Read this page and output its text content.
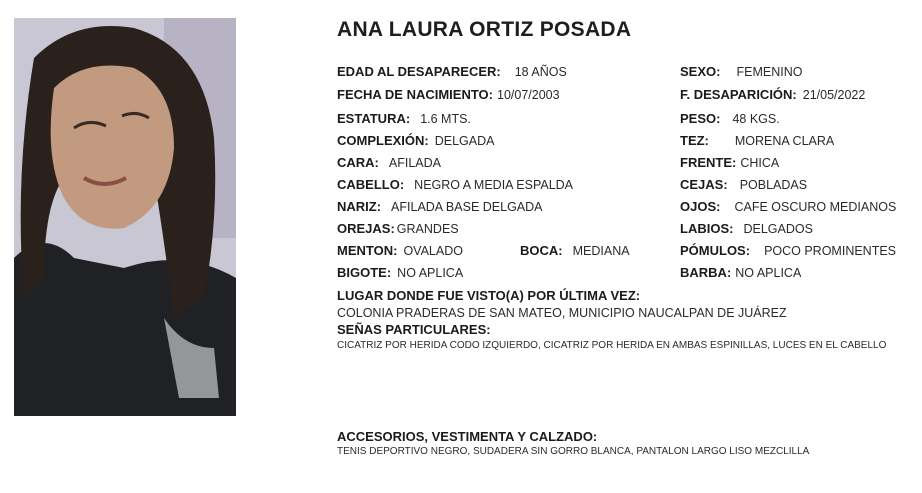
ANA LAURA ORTIZ POSADA
EDAD AL DESAPARECER: 18 AÑOS
FECHA DE NACIMIENTO: 10/07/2003
ESTATURA: 1.6 MTS.
COMPLEXIÓN: DELGADA
CARA: AFILADA
CABELLO: NEGRO A MEDIA ESPALDA
NARIZ: AFILADA BASE DELGADA
OREJAS: GRANDES
MENTON: OVALADO	BOCA: MEDIANA
BIGOTE: NO APLICA
SEXO: FEMENINO
F. DESAPARICIÓN: 21/05/2022
PESO: 48 KGS.
TEZ: MORENA CLARA
FRENTE: CHICA
CEJAS: POBLADAS
OJOS: CAFE OSCURO MEDIANOS
LABIOS: DELGADOS
PÓMULOS: POCO PROMINENTES
BARBA: NO APLICA
LUGAR DONDE FUE VISTO(A) POR ÚLTIMA VEZ:
COLONIA PRADERAS DE SAN MATEO, MUNICIPIO NAUCALPAN DE JUÁREZ
SEÑAS PARTICULARES:
CICATRIZ POR HERIDA CODO IZQUIERDO, CICATRIZ POR HERIDA EN AMBAS ESPINILLAS, LUCES EN EL CABELLO
ACCESORIOS, VESTIMENTA Y CALZADO:
TENIS DEPORTIVO NEGRO, SUDADERA SIN GORRO BLANCA, PANTALON LARGO LISO MEZCLILLA
